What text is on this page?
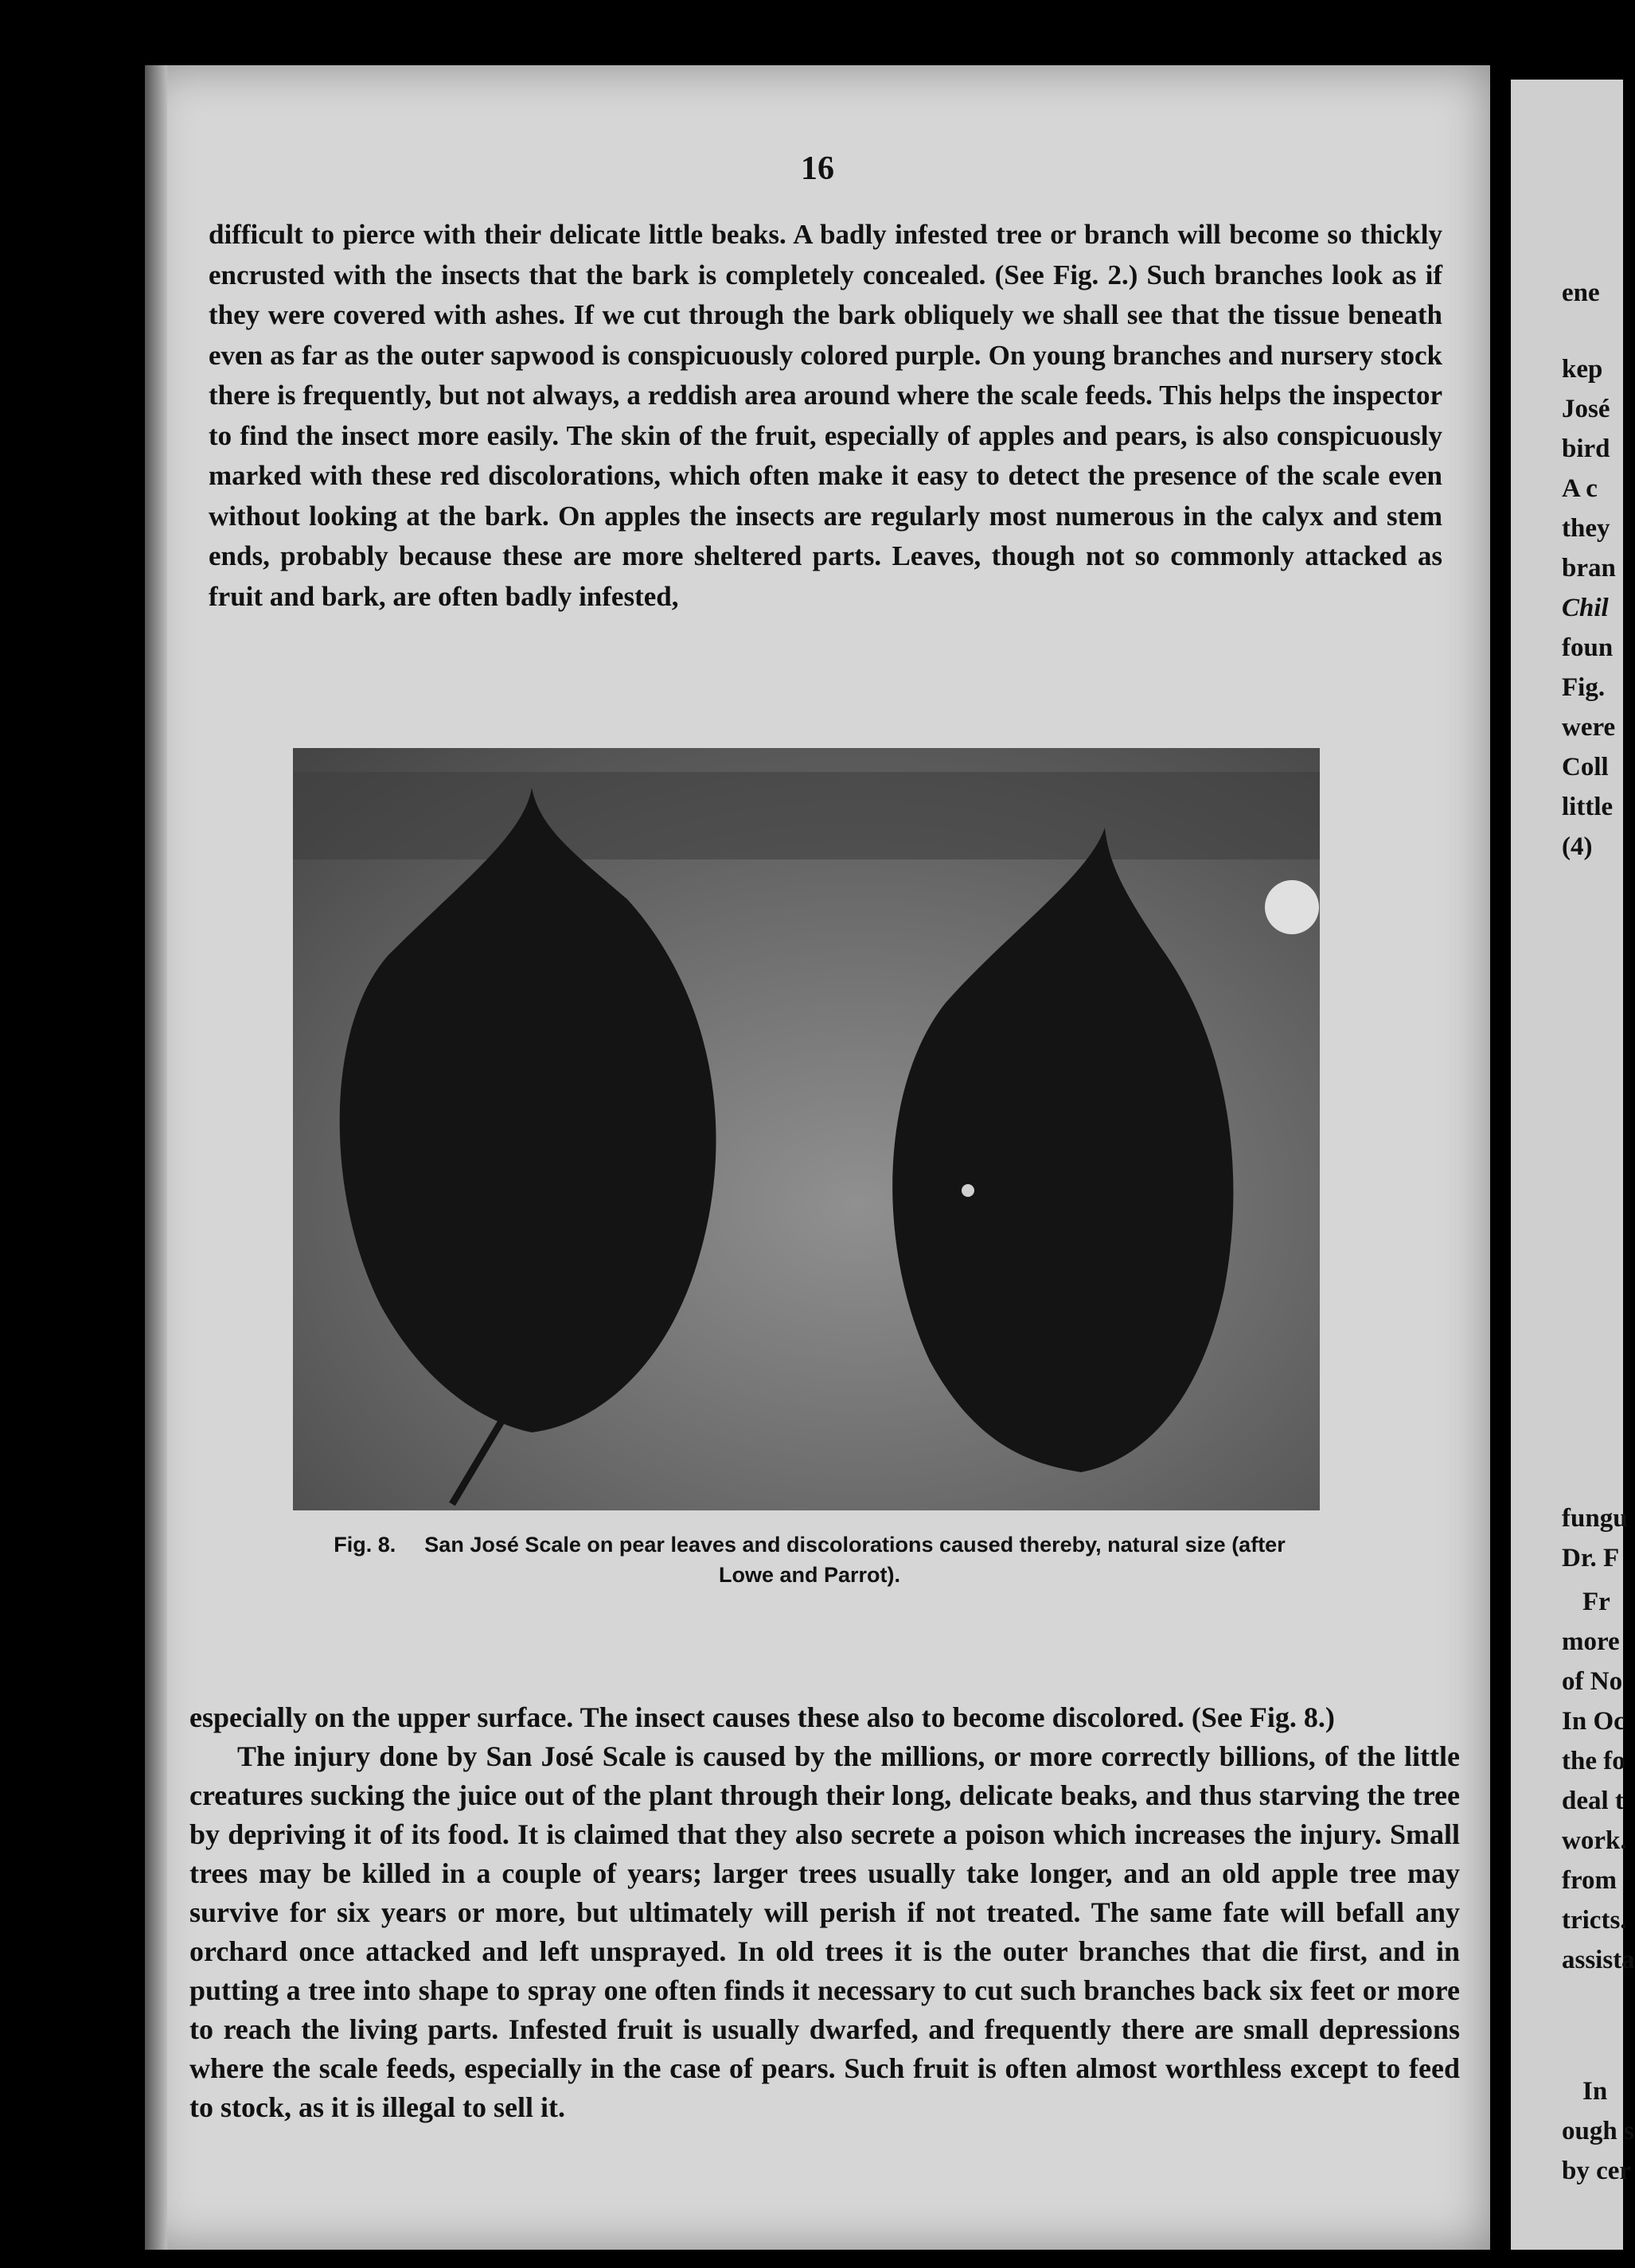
16

difficult to pierce with their delicate little beaks. A badly infested tree or branch will become so thickly encrusted with the insects that the bark is completely concealed. (See Fig. 2.) Such branches look as if they were covered with ashes. If we cut through the bark obliquely we shall see that the tissue beneath even as far as the outer sapwood is conspicuously colored purple. On young branches and nursery stock there is frequently, but not always, a reddish area around where the scale feeds. This helps the inspector to find the insect more easily. The skin of the fruit, especially of apples and pears, is also conspicuously marked with these red discolorations, which often make it easy to detect the presence of the scale even without looking at the bark. On apples the insects are regularly most numerous in the calyx and stem ends, probably because these are more sheltered parts. Leaves, though not so commonly attacked as fruit and bark, are often badly infested,

Fig. 8. San José Scale on pear leaves and discolorations caused thereby, natural size (after Lowe and Parrot).

especially on the upper surface. The insect causes these also to become discolored. (See Fig. 8.)

The injury done by San José Scale is caused by the millions, or more correctly billions, of the little creatures sucking the juice out of the plant through their long, delicate beaks, and thus starving the tree by depriving it of its food. It is claimed that they also secrete a poison which increases the injury. Small trees may be killed in a couple of years; larger trees usually take longer, and an old apple tree may survive for six years or more, but ultimately will perish if not treated. The same fate will befall any orchard once attacked and left unsprayed. In old trees it is the outer branches that die first, and in putting a tree into shape to spray one often finds it necessary to cut such branches back six feet or more to reach the living parts. Infested fruit is usually dwarfed, and frequently there are small depressions where the scale feeds, especially in the case of pears. Such fruit is often almost worthless except to feed to stock, as it is illegal to sell it.

ene
kep
José
bird
A c
they
bran
Chil
foun
Fig.
were
Coll
little
(4)
fungu
Dr. F
Fr
more
of No
In Oc
the fo
deal t
work.
from
tricts.
assista
In
ough s
by cer
